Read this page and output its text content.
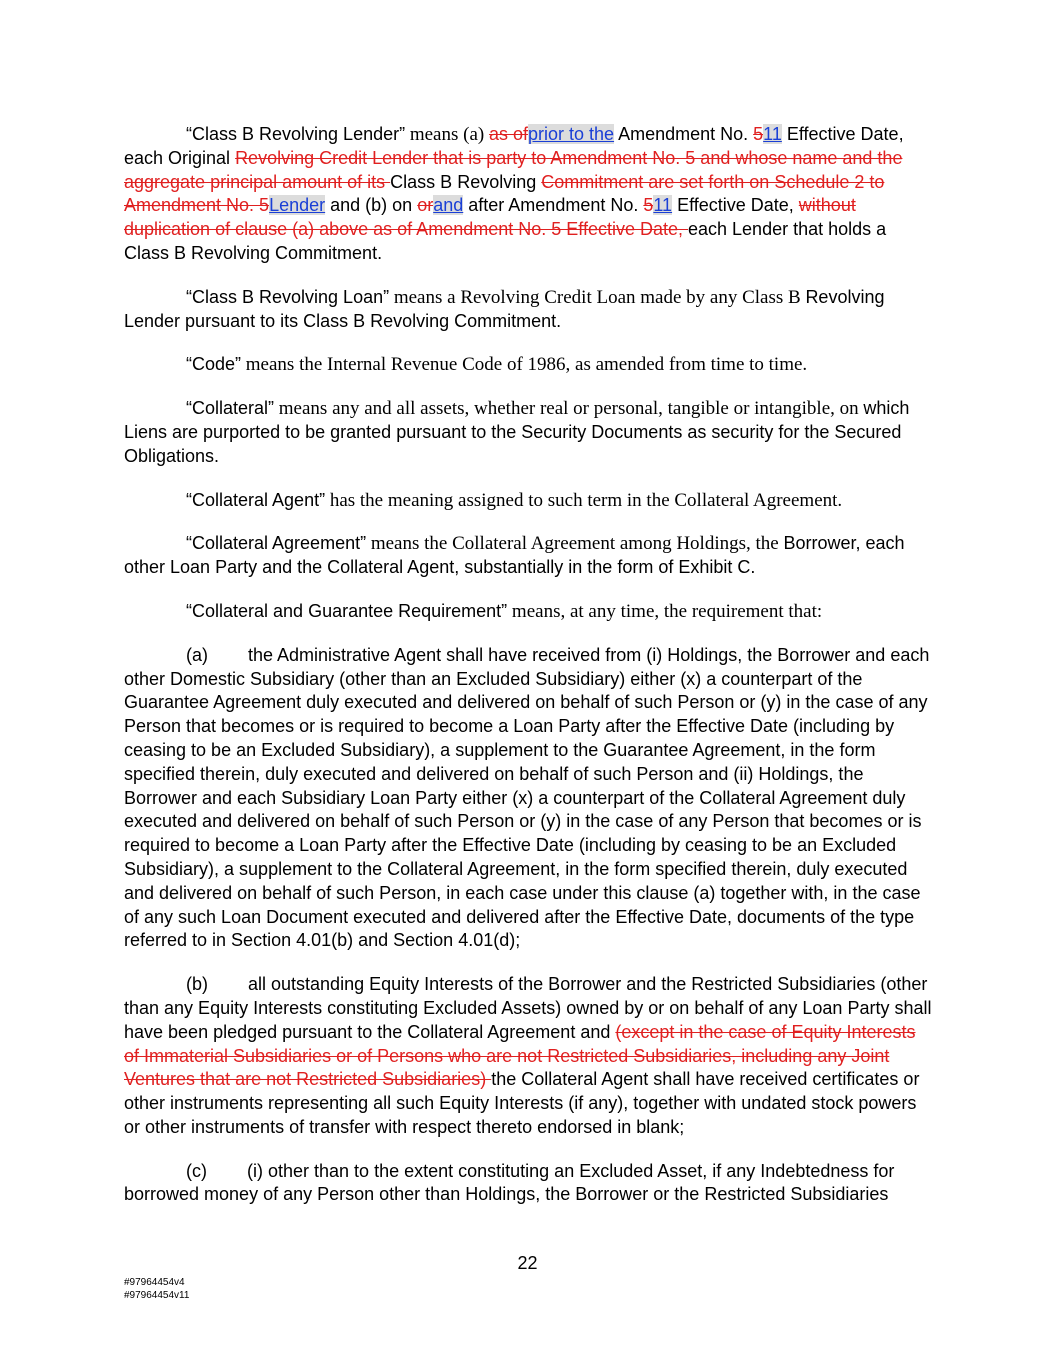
“Class B Revolving Lender” means (a) as ofprior to the Amendment No. 511 Effective Date, each Original Revolving Credit Lender that is party to Amendment No. 5 and whose name and the aggregate principal amount of its Class B Revolving Commitment are set forth on Schedule 2 to Amendment No. 5Lender and (b) on orand after Amendment No. 511 Effective Date, without duplication of clause (a) above as of Amendment No. 5 Effective Date, each Lender that holds a Class B Revolving Commitment.

“Class B Revolving Loan” means a Revolving Credit Loan made by any Class B Revolving Lender pursuant to its Class B Revolving Commitment.

“Code” means the Internal Revenue Code of 1986, as amended from time to time.

“Collateral” means any and all assets, whether real or personal, tangible or intangible, on which Liens are purported to be granted pursuant to the Security Documents as security for the Secured Obligations.

“Collateral Agent” has the meaning assigned to such term in the Collateral Agreement.

“Collateral Agreement” means the Collateral Agreement among Holdings, the Borrower, each other Loan Party and the Collateral Agent, substantially in the form of Exhibit C.

“Collateral and Guarantee Requirement” means, at any time, the requirement that:

(a) the Administrative Agent shall have received from (i) Holdings, the Borrower and each other Domestic Subsidiary (other than an Excluded Subsidiary) either (x) a counterpart of the Guarantee Agreement duly executed and delivered on behalf of such Person or (y) in the case of any Person that becomes or is required to become a Loan Party after the Effective Date (including by ceasing to be an Excluded Subsidiary), a supplement to the Guarantee Agreement, in the form specified therein, duly executed and delivered on behalf of such Person and (ii) Holdings, the Borrower and each Subsidiary Loan Party either (x) a counterpart of the Collateral Agreement duly executed and delivered on behalf of such Person or (y) in the case of any Person that becomes or is required to become a Loan Party after the Effective Date (including by ceasing to be an Excluded Subsidiary), a supplement to the Collateral Agreement, in the form specified therein, duly executed and delivered on behalf of such Person, in each case under this clause (a) together with, in the case of any such Loan Document executed and delivered after the Effective Date, documents of the type referred to in Section 4.01(b) and Section 4.01(d);

(b) all outstanding Equity Interests of the Borrower and the Restricted Subsidiaries (other than any Equity Interests constituting Excluded Assets) owned by or on behalf of any Loan Party shall have been pledged pursuant to the Collateral Agreement and (except in the case of Equity Interests of Immaterial Subsidiaries or of Persons who are not Restricted Subsidiaries, including any Joint Ventures that are not Restricted Subsidiaries) the Collateral Agent shall have received certificates or other instruments representing all such Equity Interests (if any), together with undated stock powers or other instruments of transfer with respect thereto endorsed in blank;

(c) (i) other than to the extent constituting an Excluded Asset, if any Indebtedness for borrowed money of any Person other than Holdings, the Borrower or the Restricted Subsidiaries

22
#97964454v4
#97964454v11
